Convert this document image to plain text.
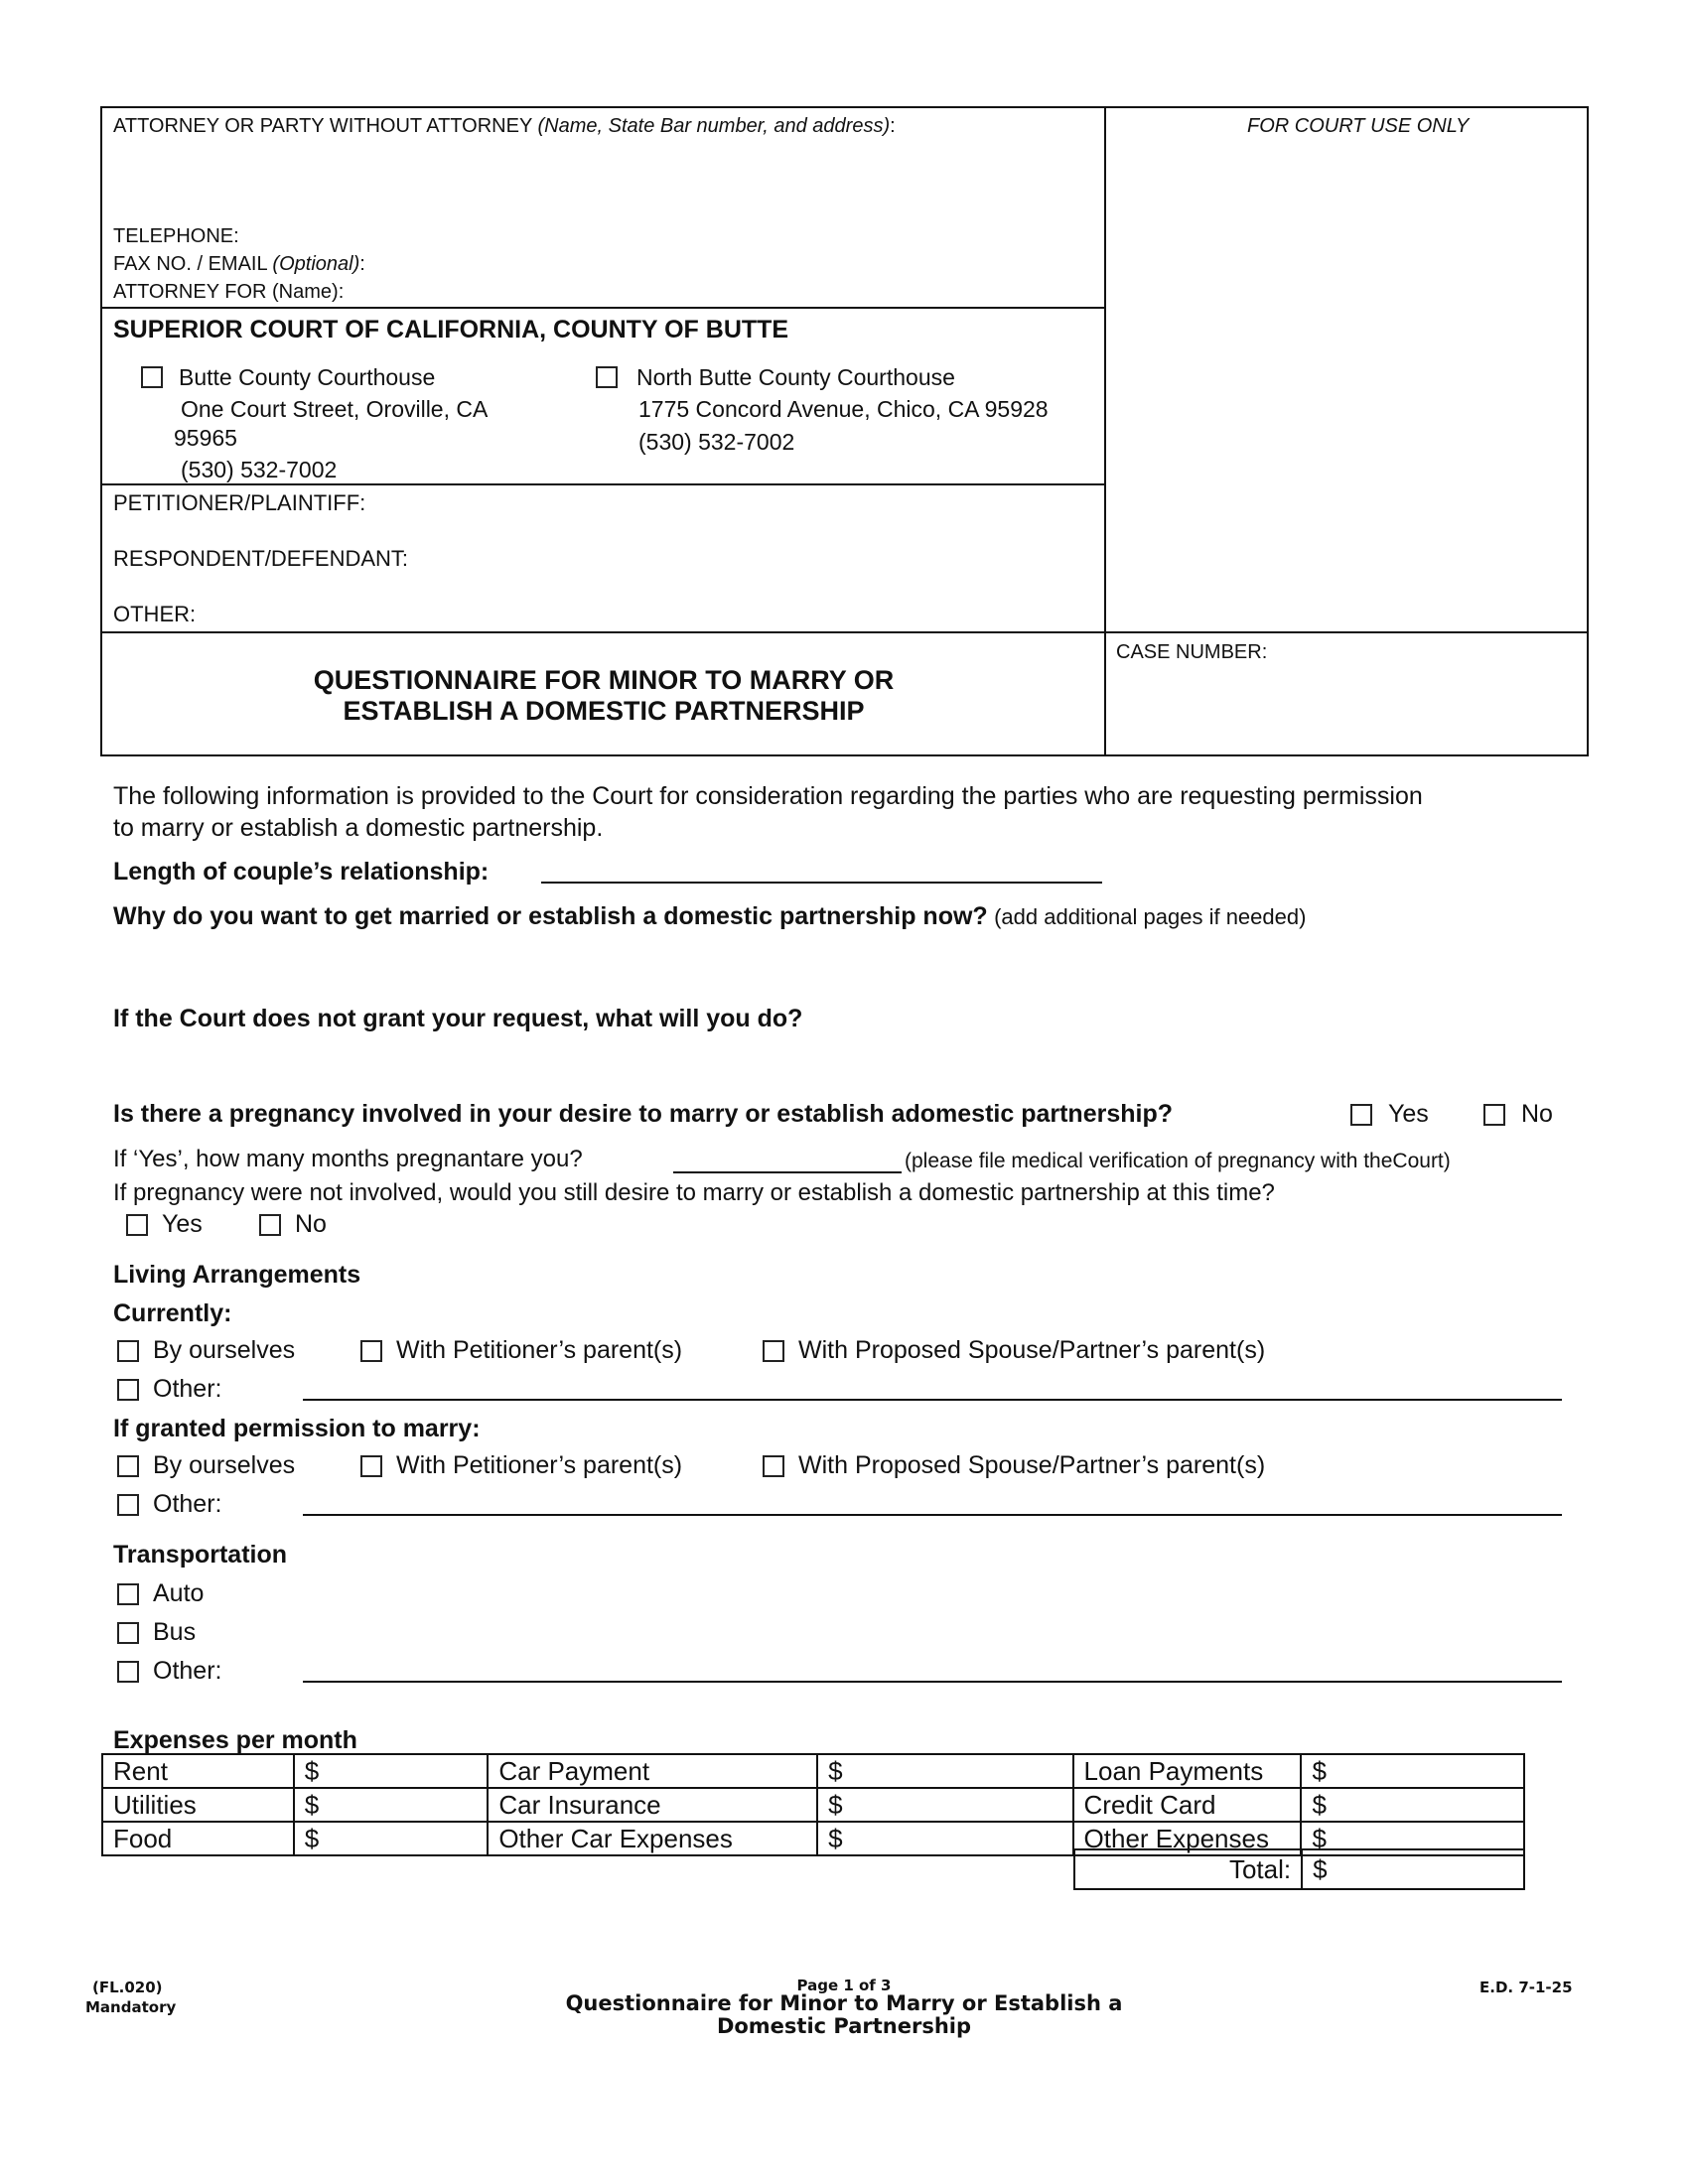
ATTORNEY OR PARTY WITHOUT ATTORNEY (Name, State Bar number, and address):	FOR COURT USE ONLY
TELEPHONE:
FAX NO. / EMAIL (Optional):
ATTORNEY FOR (Name):
SUPERIOR COURT OF CALIFORNIA, COUNTY OF BUTTE
Butte County Courthouse
One Court Street, Oroville, CA
95965
(530) 532-7002
North Butte County Courthouse
1775 Concord Avenue, Chico, CA 95928
(530) 532-7002
PETITIONER/PLAINTIFF:
RESPONDENT/DEFENDANT:
OTHER:
QUESTIONNAIRE FOR MINOR TO MARRY OR
ESTABLISH A DOMESTIC PARTNERSHIP
CASE NUMBER:
The following information is provided to the Court for consideration regarding the parties who are requesting permission
to marry or establish a domestic partnership.
Length of couple’s relationship:
Why do you want to get married or establish a domestic partnership now? (add additional pages if needed)
If the Court does not grant your request, what will you do?
Is there a pregnancy involved in your desire to marry or establish adomestic partnership?	Yes	No
If ‘Yes’, how many months pregnantare you?	(please file medical verification of pregnancy with theCourt)
If pregnancy were not involved, would you still desire to marry or establish a domestic partnership at this time?
Yes	No
Living Arrangements
Currently:
By ourselves	With Petitioner’s parent(s)	With Proposed Spouse/Partner’s parent(s)
Other:
If granted permission to marry:
By ourselves	With Petitioner’s parent(s)	With Proposed Spouse/Partner’s parent(s)
Other:
Transportation
Auto
Bus
Other:
Expenses per month
Rent	$	Car Payment	$	Loan Payments	$
Utilities	$	Car Insurance	$	Credit Card	$
Food	$	Other Car Expenses	$	Other Expenses	$
Total:	$
(FL.020)
Mandatory
Page 1 of 3
Questionnaire for Minor to Marry or Establish a
Domestic Partnership
E.D. 7-1-25
